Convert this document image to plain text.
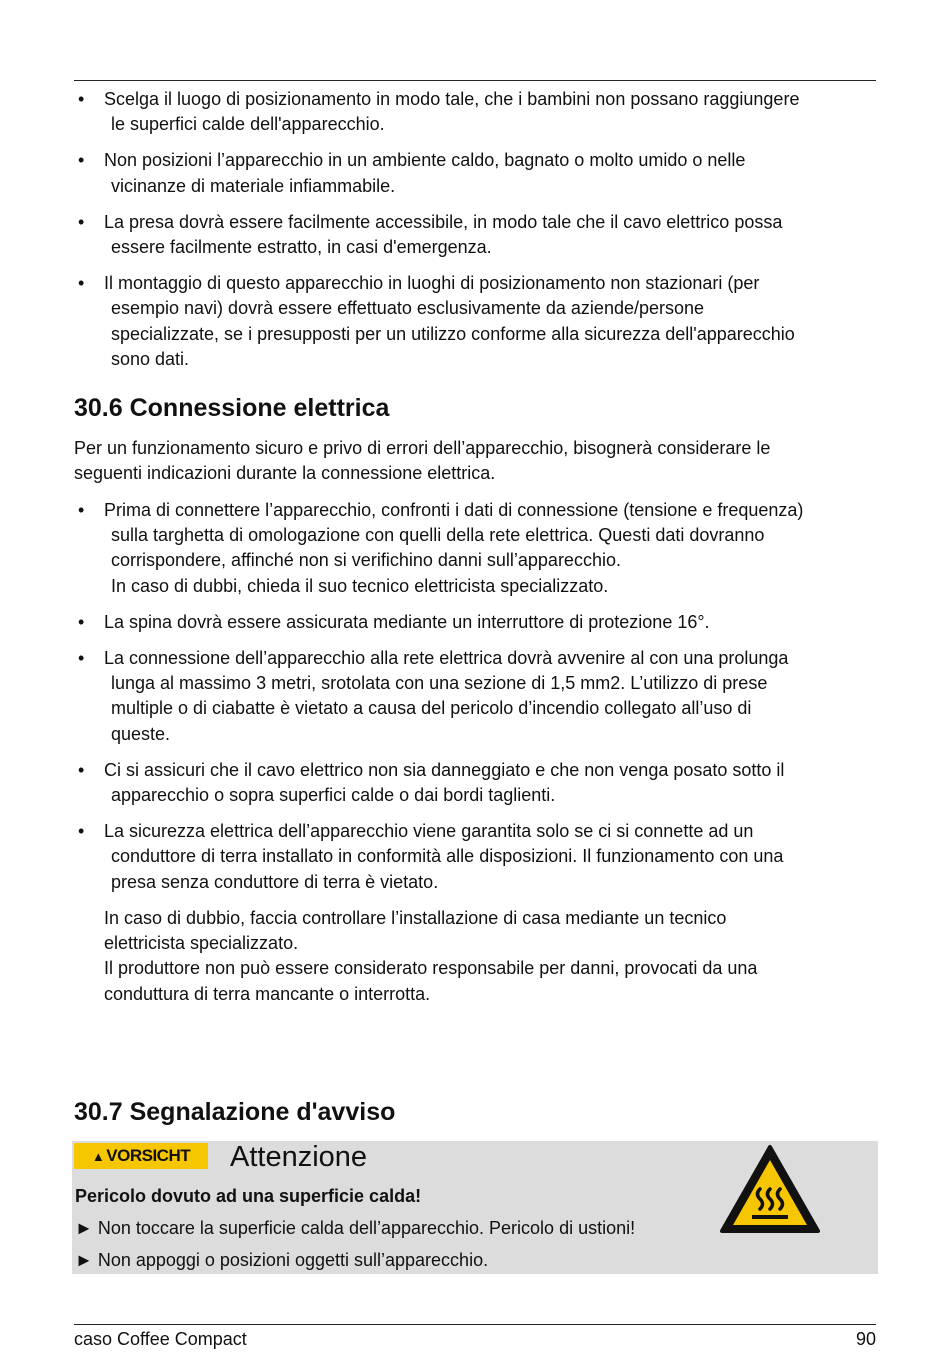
• Scelga il luogo di posizionamento in modo tale, che i bambini non possano raggiungere
le superfici calde dell'apparecchio.
• Non posizioni l’apparecchio in un ambiente caldo, bagnato o molto umido o nelle
vicinanze di materiale infiammabile.
• La presa dovrà essere facilmente accessibile, in modo tale che il cavo elettrico possa
essere facilmente estratto, in casi d'emergenza.
• Il montaggio di questo apparecchio in luoghi di posizionamento non stazionari (per
esempio navi) dovrà essere effettuato esclusivamente da aziende/persone
specializzate, se i presupposti per un utilizzo conforme alla sicurezza dell'apparecchio
sono dati.
30.6 Connessione elettrica

Per un funzionamento sicuro e privo di errori dell’apparecchio, bisognerà considerare le
seguenti indicazioni durante la connessione elettrica.

• Prima di connettere l’apparecchio, confronti i dati di connessione (tensione e frequenza)
sulla targhetta di omologazione con quelli della rete elettrica. Questi dati dovranno
corrispondere, affinché non si verifichino danni sull’apparecchio.
In caso di dubbi, chieda il suo tecnico elettricista specializzato.
• La spina dovrà essere assicurata mediante un interruttore di protezione 16°.
• La connessione dell’apparecchio alla rete elettrica dovrà avvenire al con una prolunga
lunga al massimo 3 metri, srotolata con una sezione di 1,5 mm2. L’utilizzo di prese
multiple o di ciabatte è vietato a causa del pericolo d’incendio collegato all’uso di
queste.
• Ci si assicuri che il cavo elettrico non sia danneggiato e che non venga posato sotto il
apparecchio o sopra superfici calde o dai bordi taglienti.
• La sicurezza elettrica dell’apparecchio viene garantita solo se ci si connette ad un
conduttore di terra installato in conformità alle disposizioni. Il funzionamento con una
presa senza conduttore di terra è vietato.

In caso di dubbio, faccia controllare l’installazione di casa mediante un tecnico
elettricista specializzato.
Il produttore non può essere considerato responsabile per danni, provocati da una
conduttura di terra mancante o interrotta.

30.7 Segnalazione d'avviso
▲ VORSICHT Attenzione
Pericolo dovuto ad una superficie calda!
► Non toccare la superficie calda dell’apparecchio. Pericolo di ustioni!
► Non appoggi o posizioni oggetti sull’apparecchio.
caso Coffee Compact	90
